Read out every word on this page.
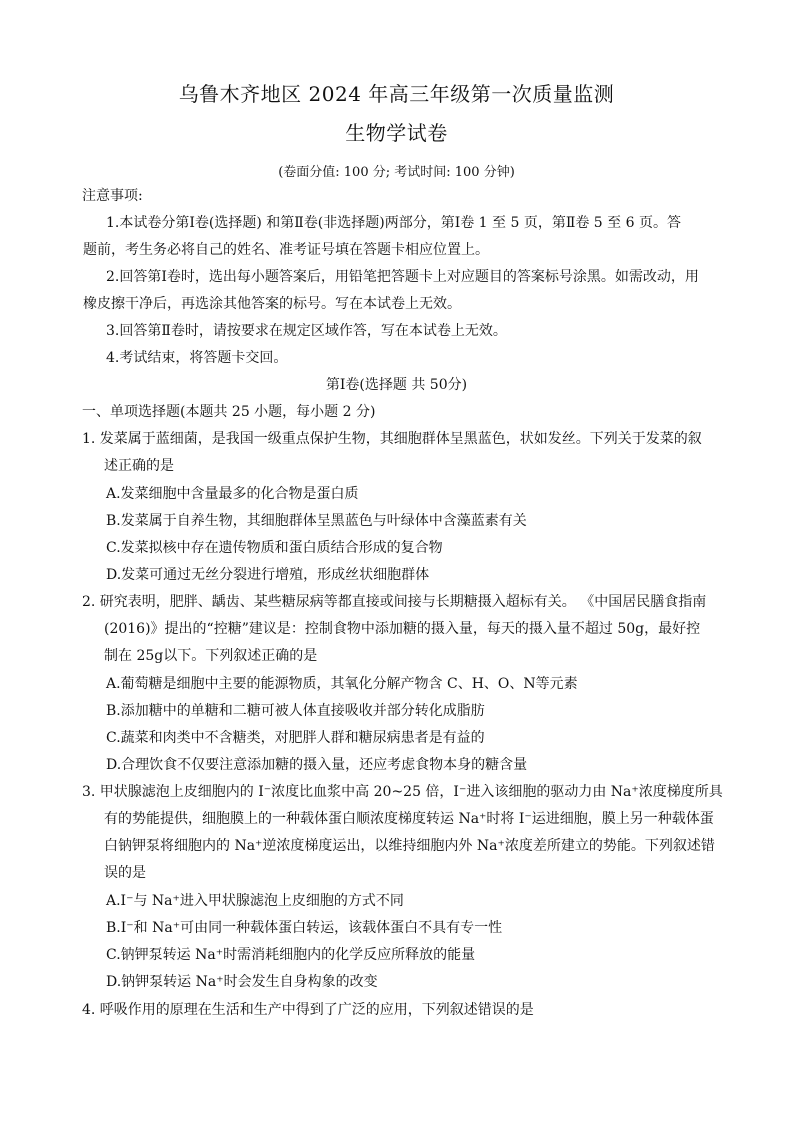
乌鲁木齐地区 2024 年高三年级第一次质量监测
生物学试卷
(卷面分值: 100 分; 考试时间: 100 分钟)
注意事项:
1.本试卷分第Ⅰ卷(选择题) 和第Ⅱ卷(非选择题)两部分，第Ⅰ卷 1 至 5 页，第Ⅱ卷 5 至 6 页。答
题前，考生务必将自己的姓名、准考证号填在答题卡相应位置上。
2.回答第Ⅰ卷时，选出每小题答案后，用铅笔把答题卡上对应题目的答案标号涂黑。如需改动，用
橡皮擦干净后，再选涂其他答案的标号。写在本试卷上无效。
3.回答第Ⅱ卷时，请按要求在规定区域作答，写在本试卷上无效。
4.考试结束，将答题卡交回。
第Ⅰ卷(选择题 共 50分)
一、单项选择题(本题共 25 小题，每小题 2 分)
1. 发菜属于蓝细菌，是我国一级重点保护生物，其细胞群体呈黑蓝色，状如发丝。下列关于发菜的叙
述正确的是
A.发菜细胞中含量最多的化合物是蛋白质
B.发菜属于自养生物，其细胞群体呈黑蓝色与叶绿体中含藻蓝素有关
C.发菜拟核中存在遗传物质和蛋白质结合形成的复合物
D.发菜可通过无丝分裂进行增殖，形成丝状细胞群体
2. 研究表明，肥胖、龋齿、某些糖尿病等都直接或间接与长期糖摄入超标有关。 《中国居民膳食指南
(2016)》提出的“控糖”建议是：控制食物中添加糖的摄入量，每天的摄入量不超过 50g，最好控
制在 25g以下。下列叙述正确的是
A.葡萄糖是细胞中主要的能源物质，其氧化分解产物含 C、H、O、N等元素
B.添加糖中的单糖和二糖可被人体直接吸收并部分转化成脂肪
C.蔬菜和肉类中不含糖类，对肥胖人群和糖尿病患者是有益的
D.合理饮食不仅要注意添加糖的摄入量，还应考虑食物本身的糖含量
3. 甲状腺滤泡上皮细胞内的 I⁻浓度比血浆中高 20~25 倍，I⁻进入该细胞的驱动力由 Na⁺浓度梯度所具
有的势能提供，细胞膜上的一种载体蛋白顺浓度梯度转运 Na⁺时将 I⁻运进细胞，膜上另一种载体蛋
白钠钾泵将细胞内的 Na⁺逆浓度梯度运出，以维持细胞内外 Na⁺浓度差所建立的势能。下列叙述错
误的是
A.I⁻与 Na⁺进入甲状腺滤泡上皮细胞的方式不同
B.I⁻和 Na⁺可由同一种载体蛋白转运，该载体蛋白不具有专一性
C.钠钾泵转运 Na⁺时需消耗细胞内的化学反应所释放的能量
D.钠钾泵转运 Na⁺时会发生自身构象的改变
4. 呼吸作用的原理在生活和生产中得到了广泛的应用，下列叙述错误的是
